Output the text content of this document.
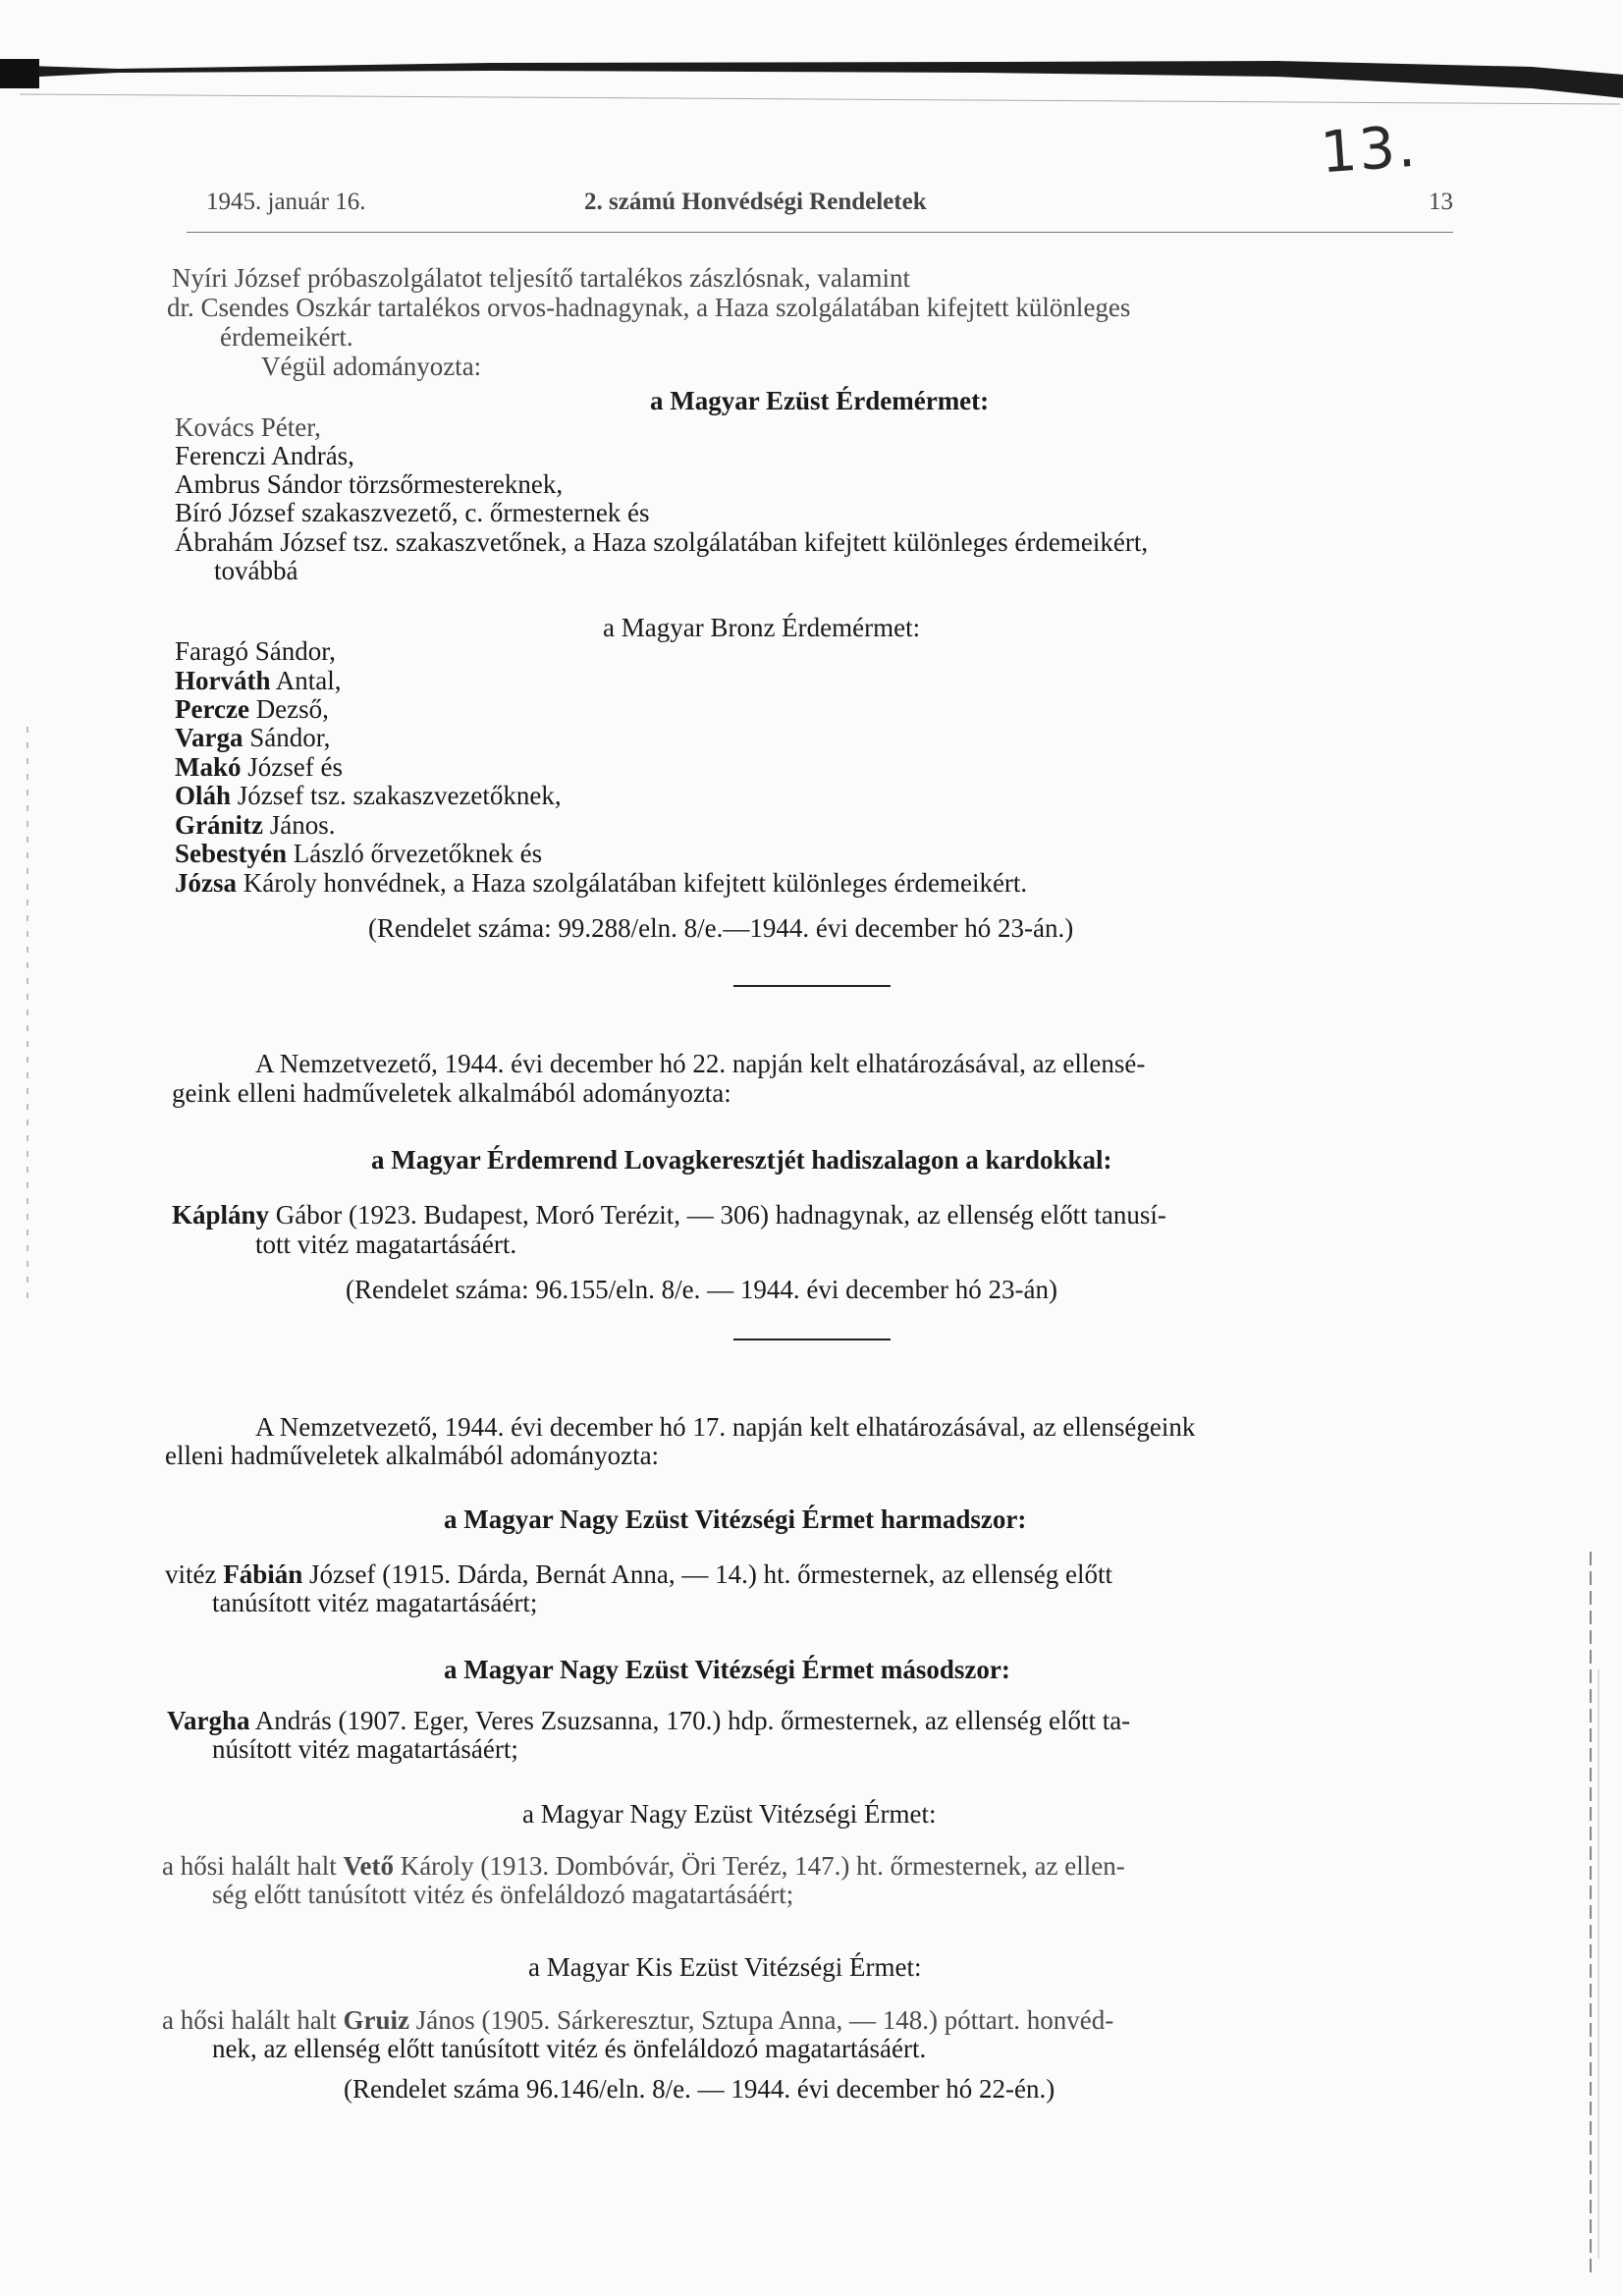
13.
1945. január 16.	2. számú Honvédségi Rendeletek	13
Nyíri József próbaszolgálatot teljesítő tartalékos zászlósnak, valamint
dr. Csendes Oszkár tartalékos orvos-hadnagynak, a Haza szolgálatában kifejtett különleges
érdemeikért.
Végül adományozta:
a Magyar Ezüst Érdemérmet:
Kovács Péter,
Ferenczi András,
Ambrus Sándor törzsőrmestereknek,
Bíró József szakaszvezető, c. őrmesternek és
Ábrahám József tsz. szakaszvetőnek, a Haza szolgálatában kifejtett különleges érdemeikért,
továbbá
a Magyar Bronz Érdemérmet:
Faragó Sándor,
Horváth Antal,
Percze Dezső,
Varga Sándor,
Makó József és
Oláh József tsz. szakaszvezetőknek,
Gránitz János.
Sebestyén László őrvezetőknek és
Józsa Károly honvédnek, a Haza szolgálatában kifejtett különleges érdemeikért.
(Rendelet száma: 99.288/eln. 8/e.—1944. évi december hó 23-án.)
A Nemzetvezető, 1944. évi december hó 22. napján kelt elhatározásával, az ellensé-
geink elleni hadműveletek alkalmából adományozta:
a Magyar Érdemrend Lovagkeresztjét hadiszalagon a kardokkal:
Káplány Gábor (1923. Budapest, Moró Terézit, — 306) hadnagynak, az ellenség előtt tanusí-
tott vitéz magatartásáért.
(Rendelet száma: 96.155/eln. 8/e. — 1944. évi december hó 23-án)
A Nemzetvezető, 1944. évi december hó 17. napján kelt elhatározásával, az ellenségeink
elleni hadműveletek alkalmából adományozta:
a Magyar Nagy Ezüst Vitézségi Érmet harmadszor:
vitéz Fábián József (1915. Dárda, Bernát Anna, — 14.) ht. őrmesternek, az ellenség előtt
tanúsított vitéz magatartásáért;
a Magyar Nagy Ezüst Vitézségi Érmet másodszor:
Vargha András (1907. Eger, Veres Zsuzsanna, 170.) hdp. őrmesternek, az ellenség előtt ta-
núsított vitéz magatartásáért;
a Magyar Nagy Ezüst Vitézségi Érmet:
a hősi halált halt Vető Károly (1913. Dombóvár, Öri Teréz, 147.) ht. őrmesternek, az ellen-
ség előtt tanúsított vitéz és önfeláldozó magatartásáért;
a Magyar Kis Ezüst Vitézségi Érmet:
a hősi halált halt Gruiz János (1905. Sárkeresztur, Sztupa Anna, — 148.) póttart. honvéd-
nek, az ellenség előtt tanúsított vitéz és önfeláldozó magatartásáért.
(Rendelet száma 96.146/eln. 8/e. — 1944. évi december hó 22-én.)
